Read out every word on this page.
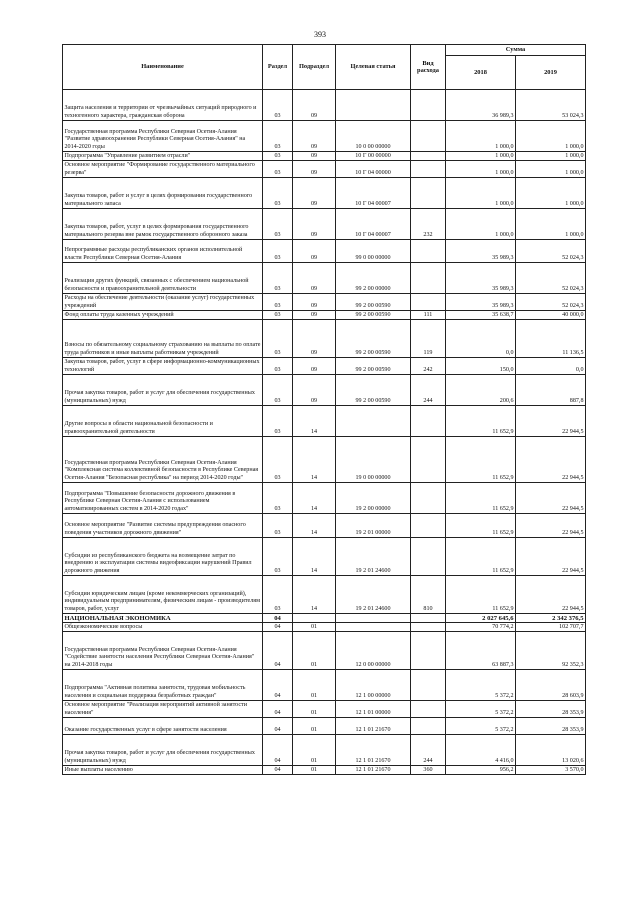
393
Наименование	Раздел	Подраздел	Целевая статья	Вид расхода	Сумма	
					2018	2019
Защита населения и территории от чрезвычайных ситуаций природного и техногенного характера, гражданская оборона	03	09			36 989,3	53 024,3
Государственная программа Республики Северная Осетия-Алания "Развитие здравоохранения Республики Северная Осетия-Алания" на 2014-2020 годы	03	09	10 0 00 00000		1 000,0	1 000,0
Подпрограмма "Управление развитием отрасли"	03	09	10 Г 00 00000		1 000,0	1 000,0
Основное мероприятие "Формирование государственного материального резерва"	03	09	10 Г 04 00000		1 000,0	1 000,0
Закупка товаров, работ и услуг в целях формирования государственного материального запаса	03	09	10 Г 04 00007		1 000,0	1 000,0
Закупка товаров, работ, услуг в целях формирования государственного материального резерва вне рамок государственного оборонного заказа	03	09	10 Г 04 00007	232	1 000,0	1 000,0
Непрограммные расходы республиканских органов исполнительной власти Республики Северная Осетия-Алания	03	09	99 0 00 00000		35 989,3	52 024,3
Реализация других функций, связанных с обеспечением национальной безопасности и правоохранительной деятельности	03	09	99 2 00 00000		35 989,3	52 024,3
Расходы на обеспечение деятельности (оказание услуг) государственных учреждений	03	09	99 2 00 00590		35 989,3	52 024,3
Фонд оплаты труда казенных учреждений	03	09	99 2 00 00590	111	35 638,7	40 000,0
Взносы по обязательному социальному страхованию на выплаты по оплате труда работников и иные выплаты работникам учреждений	03	09	99 2 00 00590	119	0,0	11 136,5
Закупка товаров, работ, услуг в сфере информационно-коммуникационных технологий	03	09	99 2 00 00590	242	150,0	0,0
Прочая закупка товаров, работ и услуг для обеспечения государственных (муниципальных) нужд	03	09	99 2 00 00590	244	200,6	887,8
Другие вопросы в области национальной безопасности и правоохранительной деятельности	03	14			11 652,9	22 944,5
Государственная программа Республики Северная Осетия-Алания "Комплексная система коллективной безопасности в Республике Северная Осетия-Алания "Безопасная республика" на период 2014-2020 годы"	03	14	19 0 00 00000		11 652,9	22 944,5
Подпрограмма "Повышение безопасности дорожного движения в Республике Северная Осетия-Алания с использованием автоматизированных систем в 2014-2020 годах"	03	14	19 2 00 00000		11 652,9	22 944,5
Основное мероприятие "Развитие системы предупреждения опасного поведения участников дорожного движения"	03	14	19 2 01 00000		11 652,9	22 944,5
Субсидии из республиканского бюджета на возмещение затрат по внедрению и эксплуатации системы видеофиксации нарушений Правил дорожного движения	03	14	19 2 01 24600		11 652,9	22 944,5
Субсидии юридическим лицам (кроме некоммерческих организаций), индивидуальным предпринимателям, физическим лицам - производителям товаров, работ, услуг	03	14	19 2 01 24600	810	11 652,9	22 944,5
НАЦИОНАЛЬНАЯ ЭКОНОМИКА	04				2 027 645,6	2 342 376,5
Общеэкономические вопросы	04	01			70 774,2	102 707,7
Государственная программа Республики Северная Осетия-Алания "Содействие занятости населения Республики Северная Осетия-Алания" на 2014-2018 годы	04	01	12 0 00 00000		63 887,3	92 352,3
Подпрограмма "Активная политика занятости, трудовая мобильность населения и социальная поддержка безработных граждан"	04	01	12 1 00 00000		5 372,2	28 603,9
Основное мероприятие "Реализация мероприятий активной занятости населения"	04	01	12 1 01 00000		5 372,2	28 353,9
Оказание государственных услуг в сфере занятости населения	04	01	12 1 01 21670		5 372,2	28 353,9
Прочая закупка товаров, работ и услуг для обеспечения государственных (муниципальных) нужд	04	01	12 1 01 21670	244	4 416,0	13 020,6
Иные выплаты населению	04	01	12 1 01 21670	360	956,2	3 570,0
